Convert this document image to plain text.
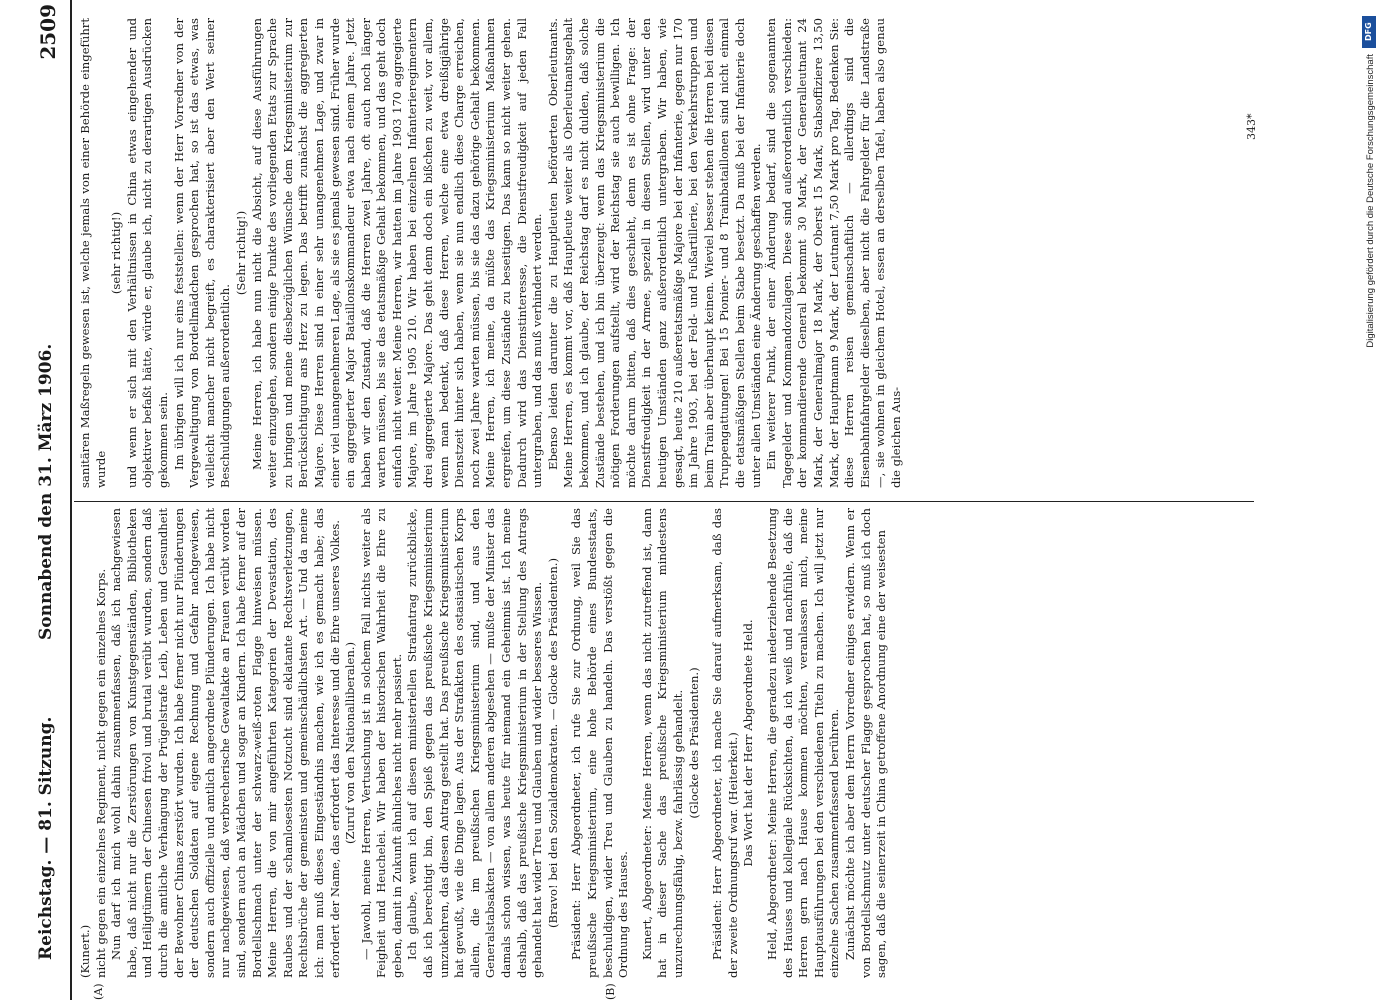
Reichstag. — 81. Sitzung.
Sonnabend den 31. März 1906.
2509
(A)	(B)

(Kunert.) nicht gegen ein einzelnes Regiment, nicht gegen ein einzelnes Korps. Nun darf ich mich wohl dahin zusammenfassen, daß ich nachgewiesen habe, daß nicht nur die Zerstörungen von Kunstgegenständen, Bibliotheken und Heiligtümern der Chinesen frivol und brutal verübt wurden, sondern daß durch die amtliche Verhängung der Prügelstrafe Leib, Leben und Gesundheit der Bewohner Chinas zerstört wurden. Ich habe ferner nicht nur Plünderungen der deutschen Soldaten auf eigene Rechnung und Gefahr nachgewiesen, sondern auch offizielle und amtlich angeordnete Plünderungen. Ich habe nicht nur nachgewiesen, daß verbrecherische Gewaltakte an Frauen verübt worden sind, sondern auch an Mädchen und sogar an Kindern. Ich habe ferner auf der Bordellschmach unter der schwarz-weiß-roten Flagge hinweisen müssen. Meine Herren, die von mir angeführten Kategorien der Devastation, des Raubes und der schamlosesten Notzucht sind eklatante Rechtsverletzungen, Rechtsbrüche der gemeinsten und gemeinschädlichsten Art. — Und da meine ich: man muß dieses Eingeständnis machen, wie ich es gemacht habe; das erfordert der Name, das erfordert das Interesse und die Ehre unseres Volkes. (Zuruf von den Nationalliberalen.) — Jawohl, meine Herren, Vertuschung ist in solchem Fall nichts weiter als Feigheit und Heuchelei. Wir haben der historischen Wahrheit die Ehre zu geben, damit in Zukunft ähnliches nicht mehr passiert. Ich glaube, wenn ich auf diesen ministeriellen Strafantrag zurückblicke, daß ich berechtigt bin, den Spieß gegen das preußische Kriegsministerium umzukehren, das diesen Antrag gestellt hat. Das preußische Kriegsministerium hat gewußt, wie die Dinge lagen. Aus der Strafakten des ostasiatischen Korps allein, die im preußischen Kriegsministerium sind, und aus den Generalstabsakten — von allem anderen abgesehen — mußte der Minister das damals schon wissen, was heute für niemand ein Geheimnis ist. Ich meine deshalb, daß das preußische Kriegsministerium in der Stellung des Antrags gehandelt hat wider Treu und Glauben und wider besseres Wissen. (Bravo! bei den Sozialdemokraten. — Glocke des Präsidenten.) Präsident: Herr Abgeordneter, ich rufe Sie zur Ordnung, weil Sie das preußische Kriegsministerium, eine hohe Behörde eines Bundesstaats, beschuldigen, wider Treu und Glauben zu handeln. Das verstößt gegen die Ordnung des Hauses. Kunert, Abgeordneter: Meine Herren, wenn das nicht zutreffend ist, dann hat in dieser Sache das preußische Kriegsministerium mindestens unzurechnungsfähig, bezw. fahrlässig gehandelt. (Glocke des Präsidenten.) Präsident: Herr Abgeordneter, ich mache Sie darauf aufmerksam, daß das der zweite Ordnungsruf war. (Heiterkeit.) Das Wort hat der Herr Abgeordnete Held. Held, Abgeordneter: Meine Herren, die geradezu niederziehende Besetzung des Hauses und kollegiale Rücksichten, da ich weiß und nachfühle, daß die Herren gern nach Hause kommen möchten, veranlassen mich, meine Hauptausführungen bei den verschiedenen Titeln zu machen. Ich will jetzt nur einzelne Sachen zusammenfassend berühren. Zunächst möchte ich aber dem Herrn Vorredner einiges erwidern. Wenn er von Bordellschmutz unter deutscher Flagge gesprochen hat, so muß ich doch sagen, daß die seinerzeit in China getroffene Anordnung eine der weisesten

sanitären Maßregeln gewesen ist, welche jemals von einer Behörde eingeführt wurde

(sehr richtig!) und wenn er sich mit den Verhältnissen in China etwas eingehender und objektiver befaßt hätte, würde er, glaube ich, nicht zu derartigen Ausdrücken gekommen sein. Im übrigen will ich nur eins feststellen: wenn der Herr Vorredner von der Vergewaltigung von Bordellmädchen gesprochen hat, so ist das etwas, was vielleicht mancher nicht begreift, es charakterisiert aber den Wert seiner Beschuldigungen außerordentlich.

(Sehr richtig!) Meine Herren, ich habe nun nicht die Absicht, auf diese Ausführungen weiter einzugehen, sondern einige Punkte des vorliegenden Etats zur Sprache zu bringen und meine diesbezüglichen Wünsche dem Kriegsministerium zur Berücksichtigung ans Herz zu legen. Das betrifft zunächst die aggregierten Majore. Diese Herren sind in einer sehr unangenehmen Lage, und zwar in einer viel unangenehmeren Lage, als sie es jemals gewesen sind. Früher wurde ein aggregierter Major Bataillonskommandeur etwa nach einem Jahre. Jetzt haben wir den Zustand, daß die Herren zwei Jahre, oft auch noch länger warten müssen, bis sie das etatsmäßige Gehalt bekommen, und das geht doch einfach nicht weiter. Meine Herren, wir hatten im Jahre 1903 170 aggregierte Majore, im Jahre 1905 210. Wir haben bei einzelnen Infanterieregimentern drei aggregierte Majore. Das geht denn doch ein bißchen zu weit, vor allem, wenn man bedenkt, daß diese Herren, welche eine etwa dreißigjährige Dienstzeit hinter sich haben, wenn sie nun endlich diese Charge erreichen, noch zwei Jahre warten müssen, bis sie das dazu gehörige Gehalt bekommen. Meine Herren, ich meine, da müßte das Kriegsministerium Maßnahmen ergreifen, um diese Zustände zu beseitigen. Das kann so nicht weiter gehen. Dadurch wird das Dienstinteresse, die Dienstfreudigkeit auf jeden Fall untergraben, und das muß verhindert werden. Ebenso leiden darunter die zu Hauptleuten beförderten Oberleutnants. Meine Herren, es kommt vor, daß Hauptleute weiter als Oberleutnantsgehalt bekommen, und ich glaube, der Reichstag darf es nicht dulden, daß solche Zustände bestehen, und ich bin überzeugt: wenn das Kriegsministerium die nötigen Forderungen aufstellt, wird der Reichstag sie auch bewilligen. Ich möchte darum bitten, daß dies geschieht, denn es ist ohne Frage: der Dienstfreudigkeit in der Armee, speziell in diesen Stellen, wird unter den heutigen Umständen ganz außerordentlich untergraben. Wir haben, wie gesagt, heute 210 außeretatsmäßige Majore bei der Infanterie, gegen nur 170 im Jahre 1903, bei der Feld- und Fußartillerie, bei den Verkehrstruppen und beim Train aber überhaupt keinen. Wieviel besser stehen die Herren bei diesen Truppengattungen! Bei 15 Pionier- und 8 Trainbataillonen sind nicht einmal die etatsmäßigen Stellen beim Stabe besetzt. Da muß bei der Infanterie doch unter allen Umständen eine Änderung geschaffen werden. Ein weiterer Punkt, der einer Änderung bedarf, sind die sogenannten Tagegelder und Kommandozulagen. Diese sind außerordentlich verschieden: der kommandierende General bekommt 30 Mark, der Generalleutnant 24 Mark, der Generalmajor 18 Mark, der Oberst 15 Mark, Stabsoffiziere 13,50 Mark, der Hauptmann 9 Mark, der Leutnant 7,50 Mark pro Tag. Bedenken Sie: diese Herren reisen gemeinschaftlich — allerdings sind die Eisenbahnfahrgelder dieselben, aber nicht die Fahrgelder für die Landstraße —, sie wohnen in gleichem Hotel, essen an derselben Tafel, haben also genau die gleichen Aus-

343*
DFG
Digitalisierung gefördert durch die Deutsche Forschungsgemeinschaft
